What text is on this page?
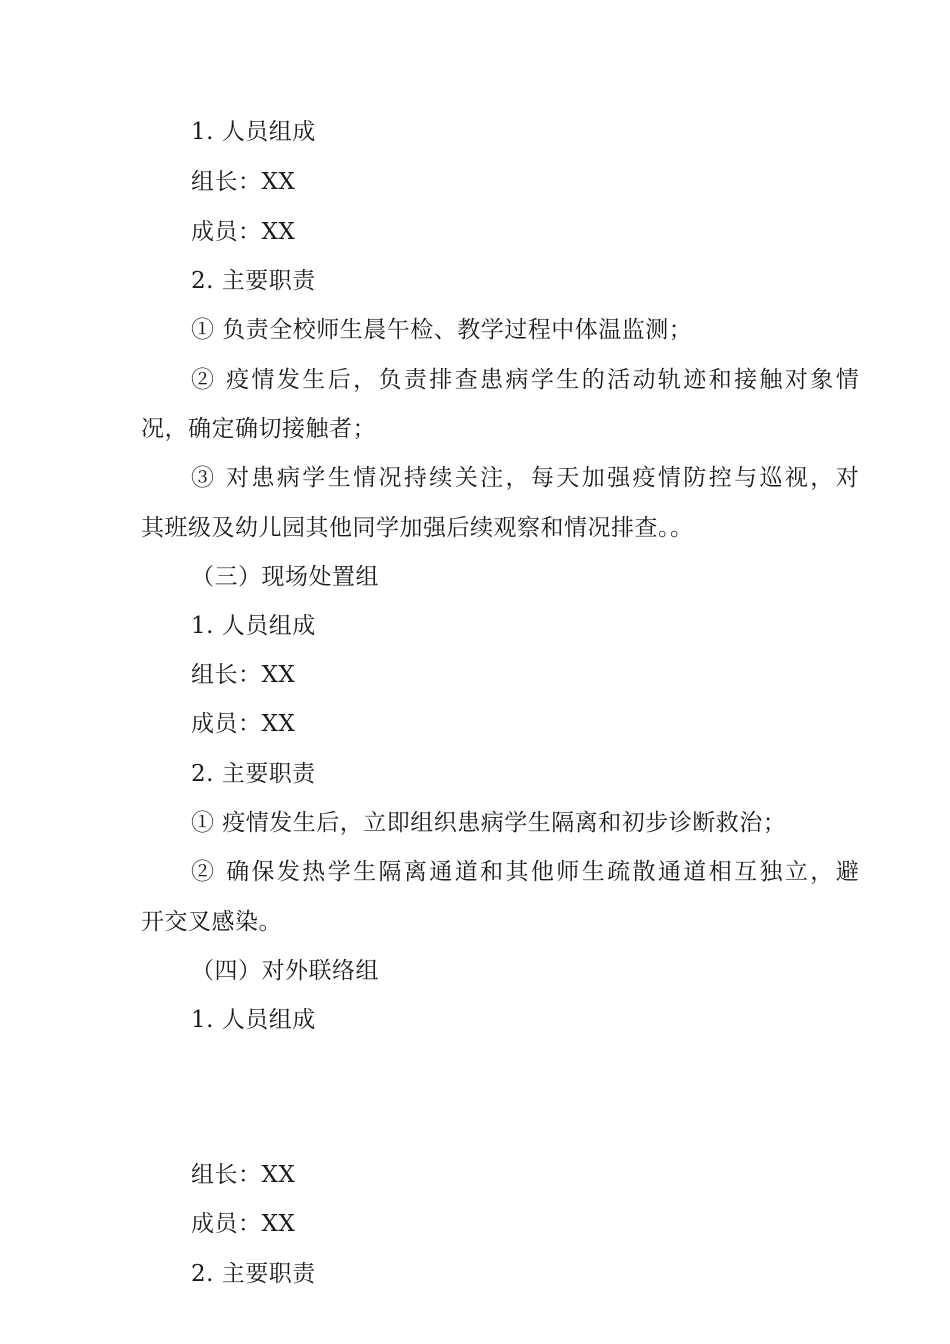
1. 人员组成
组长：XX
成员：XX
2. 主要职责
① 负责全校师生晨午检、教学过程中体温监测；
② 疫情发生后，负责排查患病学生的活动轨迹和接触对象情
况，确定确切接触者；
③ 对患病学生情况持续关注，每天加强疫情防控与巡视，对
其班级及幼儿园其他同学加强后续观察和情况排查。。
（三）现场处置组
1. 人员组成
组长：XX
成员：XX
2. 主要职责
① 疫情发生后，立即组织患病学生隔离和初步诊断救治；
② 确保发热学生隔离通道和其他师生疏散通道相互独立，避
开交叉感染。
（四）对外联络组
1. 人员组成
组长：XX
成员：XX
2. 主要职责
